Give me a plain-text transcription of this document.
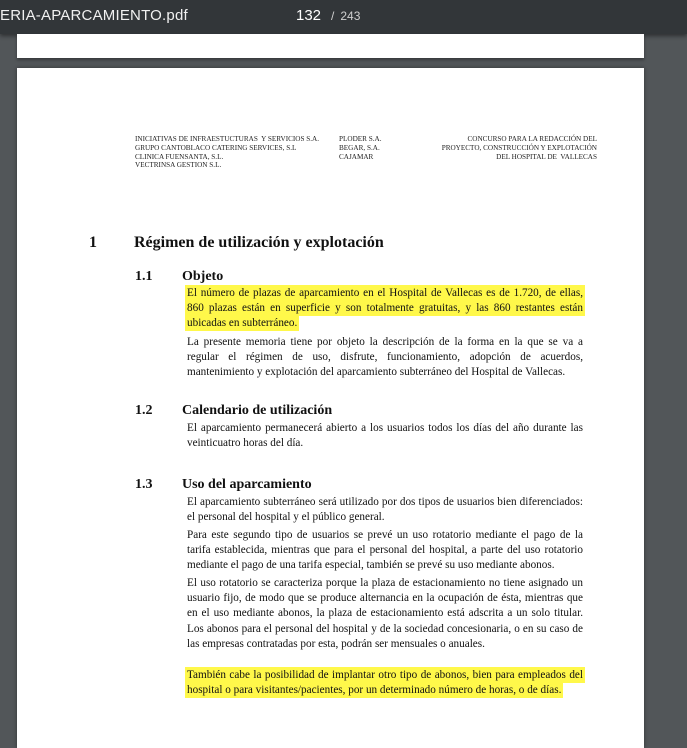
ERIA-APARCAMIENTO.pdf	132 / 243
INICIATIVAS DE INFRAESTUCTURAS  Y SERVICIOS S.A.
GRUPO CANTOBLACO CATERING SERVICES, S.L
CLINICA FUENSANTA, S.L.
VECTRINSA GESTION S.L.
PLODER S.A.
BEGAR, S.A.
CAJAMAR
CONCURSO PARA LA REDACCIÓN DEL
PROYECTO, CONSTRUCCIÓN Y EXPLOTACIÓN
DEL HOSPITAL DE  VALLECAS
1 Régimen de utilización y explotación
1.1 Objeto
El número de plazas de aparcamiento en el Hospital de Vallecas es de 1.720, de ellas, 860 plazas están en superficie y son totalmente gratuitas, y las 860 restantes están ubicadas en subterráneo.
La presente memoria tiene por objeto la descripción de la forma en la que se va a regular el régimen de uso, disfrute, funcionamiento, adopción de acuerdos, mantenimiento y explotación del aparcamiento subterráneo del Hospital de Vallecas.
1.2 Calendario de utilización
El aparcamiento permanecerá abierto a los usuarios todos los días del año durante las veinticuatro horas del día.
1.3 Uso del aparcamiento
El aparcamiento subterráneo será utilizado por dos tipos de usuarios bien diferenciados: el personal del hospital y el público general.
Para este segundo tipo de usuarios se prevé un uso rotatorio mediante el pago de la tarifa establecida, mientras que para el personal del hospital, a parte del uso rotatorio mediante el pago de una tarifa especial, también se prevé su uso mediante abonos.
El uso rotatorio se caracteriza porque la plaza de estacionamiento no tiene asignado un usuario fijo, de modo que se produce alternancia en la ocupación de ésta, mientras que en el uso mediante abonos, la plaza de estacionamiento está adscrita a un solo titular. Los abonos para el personal del hospital y de la sociedad concesionaria, o en su caso de las empresas contratadas por esta, podrán ser mensuales o anuales.
También cabe la posibilidad de implantar otro tipo de abonos, bien para empleados del hospital o para visitantes/pacientes, por un determinado número de horas, o de días.
